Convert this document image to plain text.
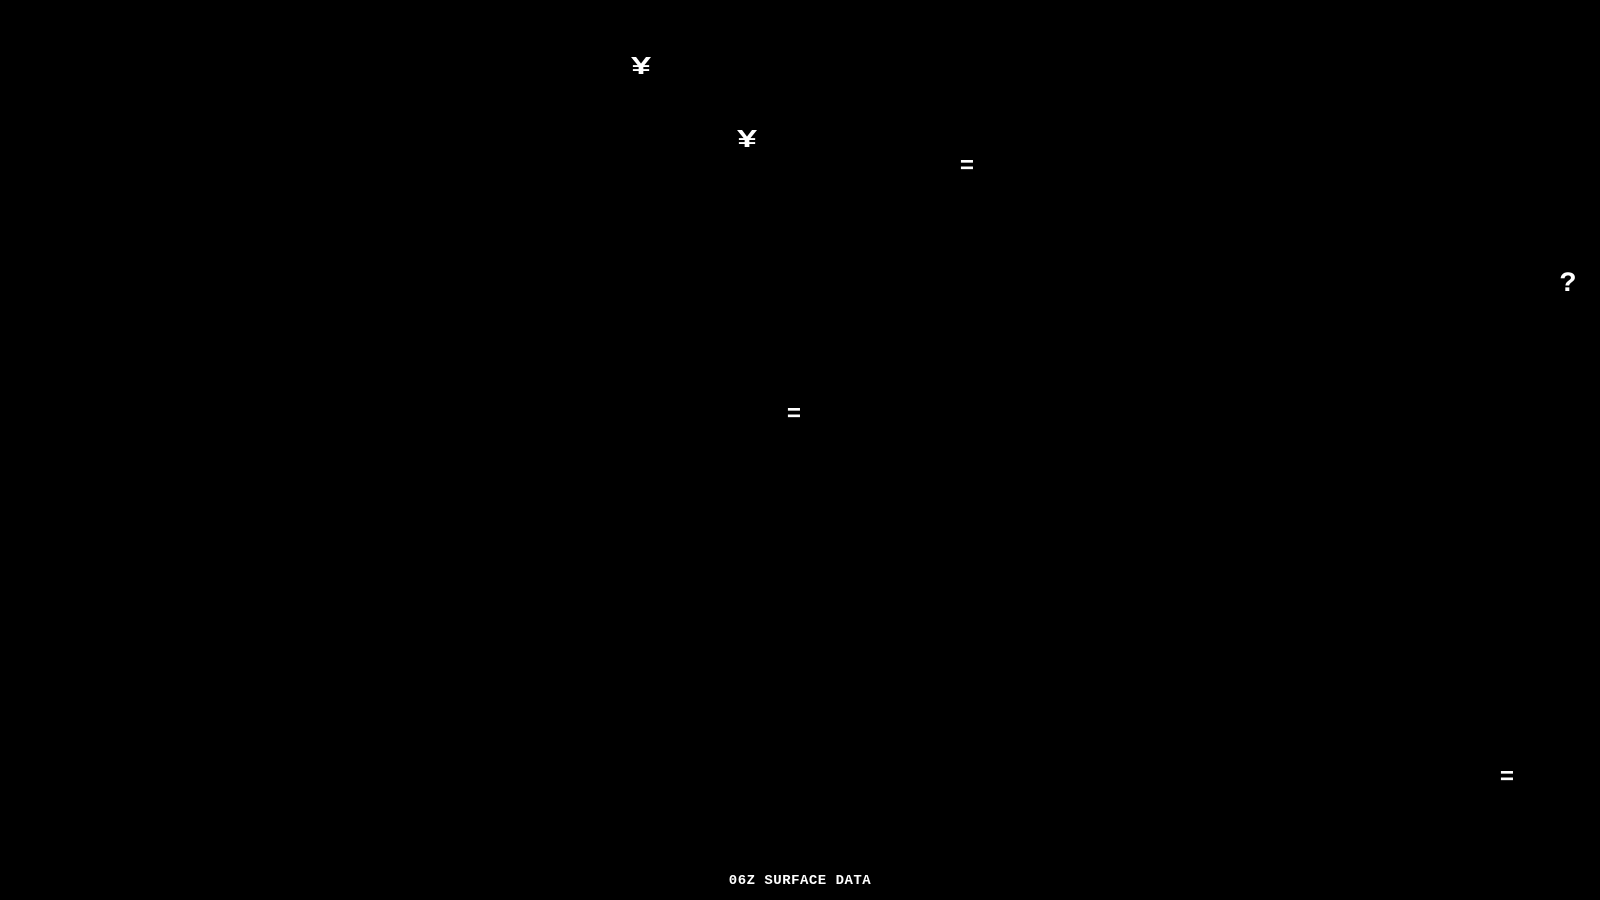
¥
¥
=
?
=
=
06Z SURFACE DATA
